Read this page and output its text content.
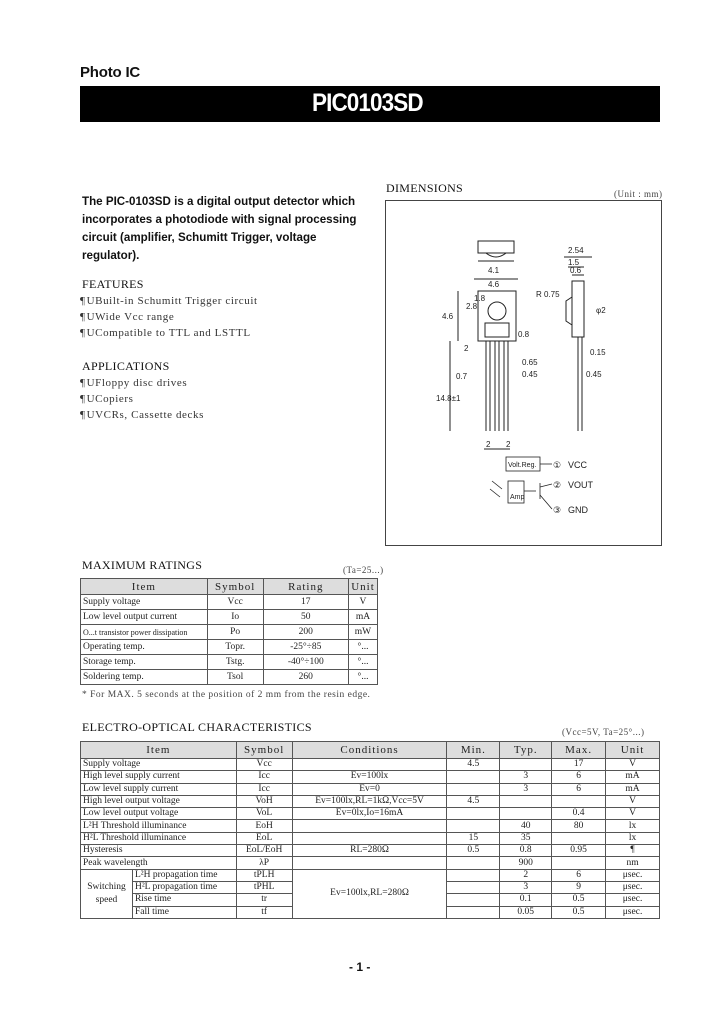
Photo IC
PIC0103SD
The PIC-0103SD is a digital output detector which incorporates a photodiode with signal processing circuit (amplifier, Schumitt Trigger, voltage regulator).
FEATURES
¶ UBuilt-in Schumitt Trigger circuit
¶ UWide Vcc range
¶ UCompatible to TTL and LSTTL
APPLICATIONS
¶ UFloppy disc drives
¶ UCopiers
¶ UVCRs, Cassette decks
DIMENSIONS	(Unit : mm)
4.1
4.6
4.6
2.8
1.8
0.8
2
0.7
0.65
0.45
14.8±1
2 2
2.54
1.5
0.6
R 0.75
φ2
0.15
0.45
Volt.Reg.
Amp
① VCC
② VOUT
③ GND
MAXIMUM RATINGS	(Ta=25...)
Item	Symbol	Rating	Unit
Supply voltage	Vcc	17	V
Low level output current	Io	50	mA
O...t transistor power dissipation	Po	200	mW
Operating temp.	Topr.	-25°÷85	°...
Storage temp.	Tstg.	-40°÷100	°...
Soldering temp.	Tsol	260	°...
* For MAX. 5 seconds at the position of 2 mm from the resin edge.
ELECTRO-OPTICAL CHARACTERISTICS	(Vcc=5V, Ta=25°...)
Item		Symbol	Conditions	Min.	Typ.	Max.	Unit
Supply voltage		Vcc		4.5		17	V
High level supply current		Icc	Ev=100lx		3	6	mA
Low level supply current		Icc	Ev=0		3	6	mA
High level output voltage		VoH	Ev=100lx,RL=1kΩ,Vcc=5V	4.5			V
Low level output voltage		VoL	Ev=0lx,Io=16mA			0.4	V
L²H Threshold illuminance		EoH			40	80	lx
H²L Threshold illuminance		EoL		15	35		lx
Hysteresis		EoL/EoH	RL=280Ω	0.5	0.8	0.95	¶
Peak wavelength		λP			900		nm
Switching speed	L²H propagation time	tPLH	Ev=100lx,RL=280Ω		2	6	μsec.
	H²L propagation time	tPHL			3	9	μsec.
	Rise time	tr			0.1	0.5	μsec.
	Fall time	tf			0.05	0.5	μsec.
- 1 -
